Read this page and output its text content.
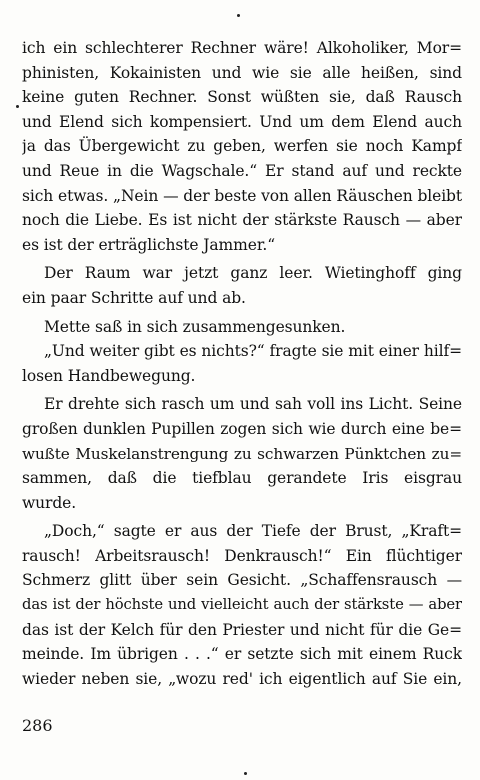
ich ein schlechterer Rechner wäre! Alkoholiker, Mor=
phinisten, Kokainisten und wie sie alle heißen, sind
keine guten Rechner. Sonst wüßten sie, daß Rausch
und Elend sich kompensiert. Und um dem Elend auch
ja das Übergewicht zu geben, werfen sie noch Kampf
und Reue in die Wagschale.“ Er stand auf und reckte
sich etwas. „Nein — der beste von allen Räuschen bleibt
noch die Liebe. Es ist nicht der stärkste Rausch — aber
es ist der erträglichste Jammer.“
Der Raum war jetzt ganz leer. Wietinghoff ging
ein paar Schritte auf und ab.
Mette saß in sich zusammengesunken.
„Und weiter gibt es nichts?“ fragte sie mit einer hilf=
losen Handbewegung.
Er drehte sich rasch um und sah voll ins Licht. Seine
großen dunklen Pupillen zogen sich wie durch eine be=
wußte Muskelanstrengung zu schwarzen Pünktchen zu=
sammen, daß die tiefblau gerandete Iris eisgrau
wurde.
„Doch,“ sagte er aus der Tiefe der Brust, „Kraft=
rausch! Arbeitsrausch! Denkrausch!“ Ein flüchtiger
Schmerz glitt über sein Gesicht. „Schaffensrausch —
das ist der höchste und vielleicht auch der stärkste — aber
das ist der Kelch für den Priester und nicht für die Ge=
meinde. Im übrigen . . .“ er setzte sich mit einem Ruck
wieder neben sie, „wozu red' ich eigentlich auf Sie ein,
286
